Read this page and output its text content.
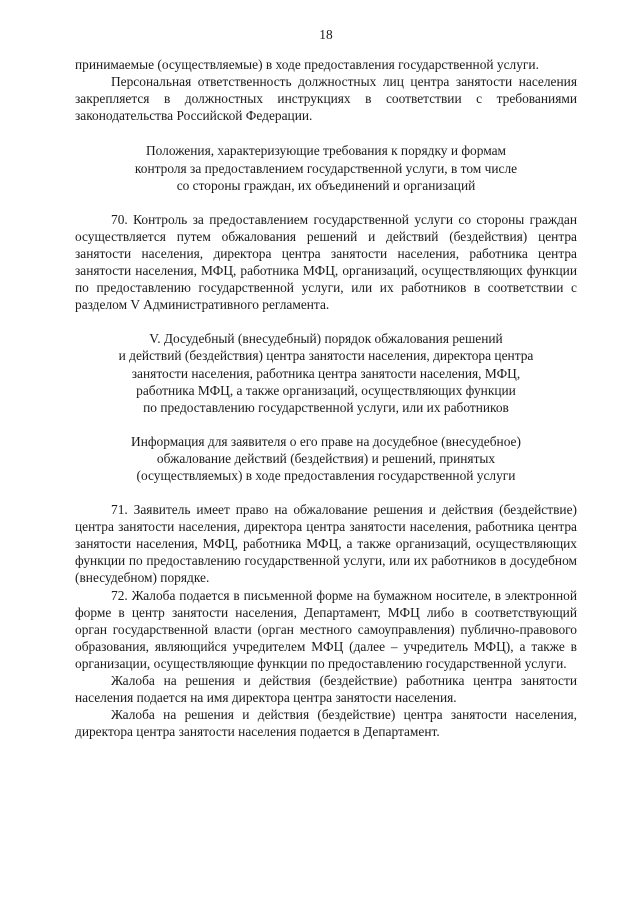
18

принимаемые (осуществляемые) в ходе предоставления государственной услуги.

Персональная ответственность должностных лиц центра занятости населения закрепляется в должностных инструкциях в соответствии с требованиями законодательства Российской Федерации.

Положения, характеризующие требования к порядку и формам
контроля за предоставлением государственной услуги, в том числе
со стороны граждан, их объединений и организаций

70. Контроль за предоставлением государственной услуги со стороны граждан осуществляется путем обжалования решений и действий (бездействия) центра занятости населения, директора центра занятости населения, работника центра занятости населения, МФЦ, работника МФЦ, организаций, осуществляющих функции по предоставлению государственной услуги, или их работников в соответствии с разделом V Административного регламента.

V. Досудебный (внесудебный) порядок обжалования решений
и действий (бездействия) центра занятости населения, директора центра
занятости населения, работника центра занятости населения, МФЦ,
работника МФЦ, а также организаций, осуществляющих функции
по предоставлению государственной услуги, или их работников
Информация для заявителя о его праве на досудебное (внесудебное)
обжалование действий (бездействия) и решений, принятых
(осуществляемых) в ходе предоставления государственной услуги

71. Заявитель имеет право на обжалование решения и действия (бездействие) центра занятости населения, директора центра занятости населения, работника центра занятости населения, МФЦ, работника МФЦ, а также организаций, осуществляющих функции по предоставлению государственной услуги, или их работников в досудебном (внесудебном) порядке.

72. Жалоба подается в письменной форме на бумажном носителе, в электронной форме в центр занятости населения, Департамент, МФЦ либо в соответствующий орган государственной власти (орган местного самоуправления) публично-правового образования, являющийся учредителем МФЦ (далее – учредитель МФЦ), а также в организации, осуществляющие функции по предоставлению государственной услуги.

Жалоба на решения и действия (бездействие) работника центра занятости населения подается на имя директора центра занятости населения.

Жалоба на решения и действия (бездействие) центра занятости населения, директора центра занятости населения подается в Департамент.
